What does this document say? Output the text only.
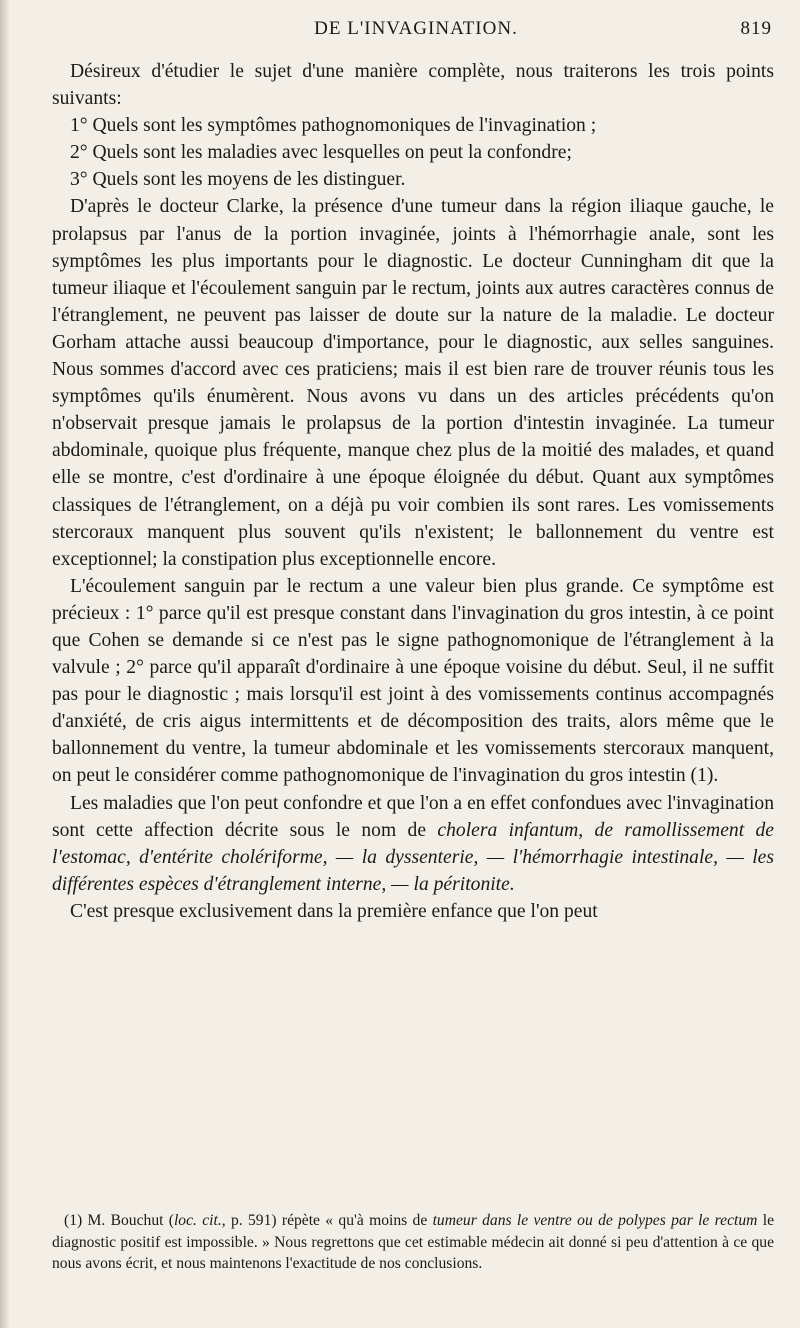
DE L'INVAGINATION.	819

Désireux d'étudier le sujet d'une manière complète, nous traiterons les trois points suivants:

1° Quels sont les symptômes pathognomoniques de l'invagination ;

2° Quels sont les maladies avec lesquelles on peut la confondre;

3° Quels sont les moyens de les distinguer.

D'après le docteur Clarke, la présence d'une tumeur dans la région iliaque gauche, le prolapsus par l'anus de la portion invaginée, joints à l'hémorrhagie anale, sont les symptômes les plus importants pour le diagnostic. Le docteur Cunningham dit que la tumeur iliaque et l'écoulement sanguin par le rectum, joints aux autres caractères connus de l'étranglement, ne peuvent pas laisser de doute sur la nature de la maladie. Le docteur Gorham attache aussi beaucoup d'importance, pour le diagnostic, aux selles sanguines. Nous sommes d'accord avec ces praticiens; mais il est bien rare de trouver réunis tous les symptômes qu'ils énumèrent. Nous avons vu dans un des articles précédents qu'on n'observait presque jamais le prolapsus de la portion d'intestin invaginée. La tumeur abdominale, quoique plus fréquente, manque chez plus de la moitié des malades, et quand elle se montre, c'est d'ordinaire à une époque éloignée du début. Quant aux symptômes classiques de l'étranglement, on a déjà pu voir combien ils sont rares. Les vomissements stercoraux manquent plus souvent qu'ils n'existent; le ballonnement du ventre est exceptionnel; la constipation plus exceptionnelle encore.

L'écoulement sanguin par le rectum a une valeur bien plus grande. Ce symptôme est précieux : 1° parce qu'il est presque constant dans l'invagination du gros intestin, à ce point que Cohen se demande si ce n'est pas le signe pathognomonique de l'étranglement à la valvule ; 2° parce qu'il apparaît d'ordinaire à une époque voisine du début. Seul, il ne suffit pas pour le diagnostic ; mais lorsqu'il est joint à des vomissements continus accompagnés d'anxiété, de cris aigus intermittents et de décomposition des traits, alors même que le ballonnement du ventre, la tumeur abdominale et les vomissements stercoraux manquent, on peut le considérer comme pathognomonique de l'invagination du gros intestin (1).

Les maladies que l'on peut confondre et que l'on a en effet confondues avec l'invagination sont cette affection décrite sous le nom de cholera infantum, de ramollissement de l'estomac, d'entérite cholériforme, — la dyssenterie, — l'hémorrhagie intestinale, — les différentes espèces d'étranglement interne, — la péritonite.

C'est presque exclusivement dans la première enfance que l'on peut

(1) M. Bouchut (loc. cit., p. 591) répète « qu'à moins de tumeur dans le ventre ou de polypes par le rectum le diagnostic positif est impossible. » Nous regrettons que cet estimable médecin ait donné si peu d'attention à ce que nous avons écrit, et nous maintenons l'exactitude de nos conclusions.
